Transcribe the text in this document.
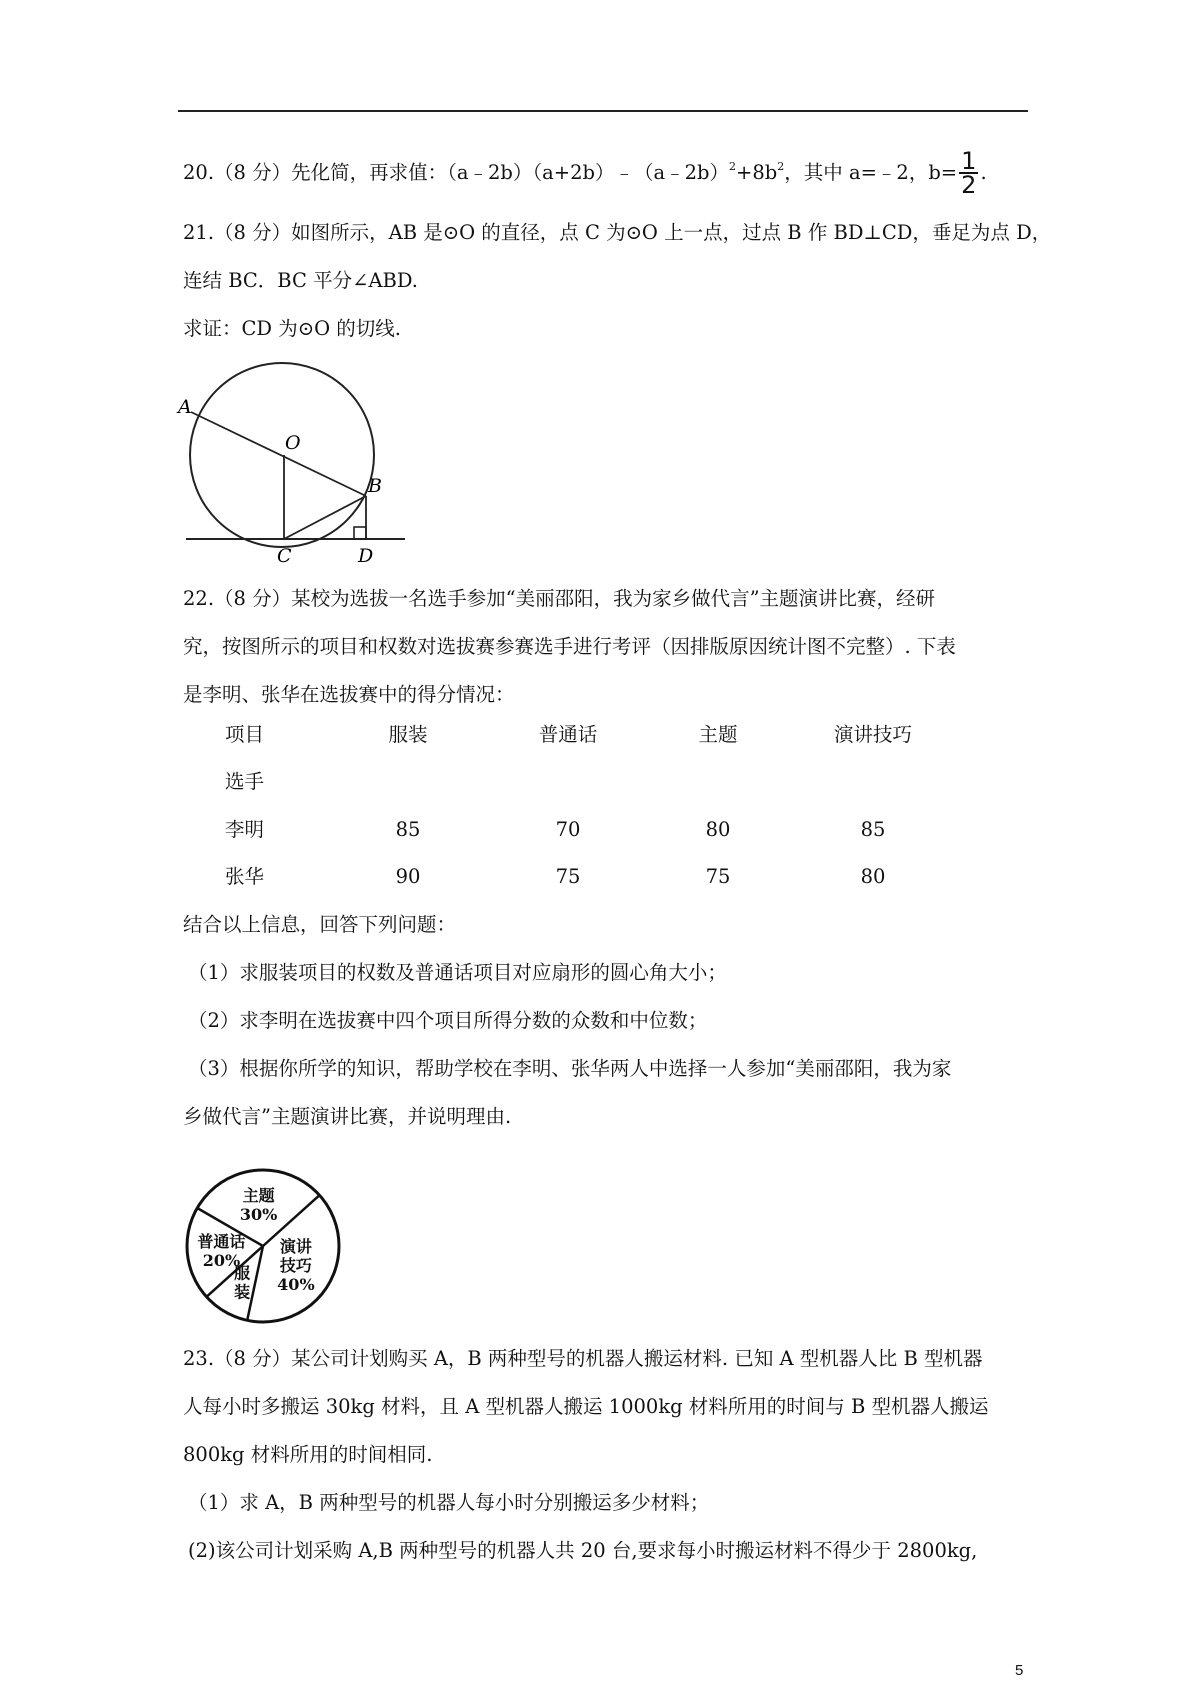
20.（8 分）先化简，再求值：$(a﹣2b)(a+2b)﹣(a﹣2b)^2+8b^2$，其中 a=﹣2，$b= \frac{1}{2}$ .
21.（8 分）如图所示，AB 是⊙O 的直径，点 C 为⊙O 上一点，过点 B 作 BD⊥CD，垂足为点 D，
连结 BC．BC 平分∠ABD.
求证：CD 为⊙O 的切线.
A
O
B
C	D
22.（8 分）某校为选拔一名选手参加“美丽邵阳，我为家乡做代言”主题演讲比赛，经研
究，按图所示的项目和权数对选拔赛参赛选手进行考评（因排版原因统计图不完整）. 下表
是李明、张华在选拔赛中的得分情况：
项目	服装	普通话	主题	演讲技巧
选手
李明	85	70	80	85
张华	90	75	75	80
结合以上信息，回答下列问题：
（1）求服装项目的权数及普通话项目对应扇形的圆心角大小；
（2）求李明在选拔赛中四个项目所得分数的众数和中位数；
（3）根据你所学的知识，帮助学校在李明、张华两人中选择一人参加“美丽邵阳，我为家
乡做代言”主题演讲比赛，并说明理由.
主题
30%
演讲
技巧
40%
服
装
普通话
20%
23.（8 分）某公司计划购买 A，B 两种型号的机器人搬运材料. 已知 A 型机器人比 B 型机器
人每小时多搬运 30kg 材料，且 A 型机器人搬运 1000kg 材料所用的时间与 B 型机器人搬运
800kg 材料所用的时间相同.
（1）求 A，B 两种型号的机器人每小时分别搬运多少材料；
(2)该公司计划采购 A,B 两种型号的机器人共 20 台,要求每小时搬运材料不得少于 2800kg,
5
